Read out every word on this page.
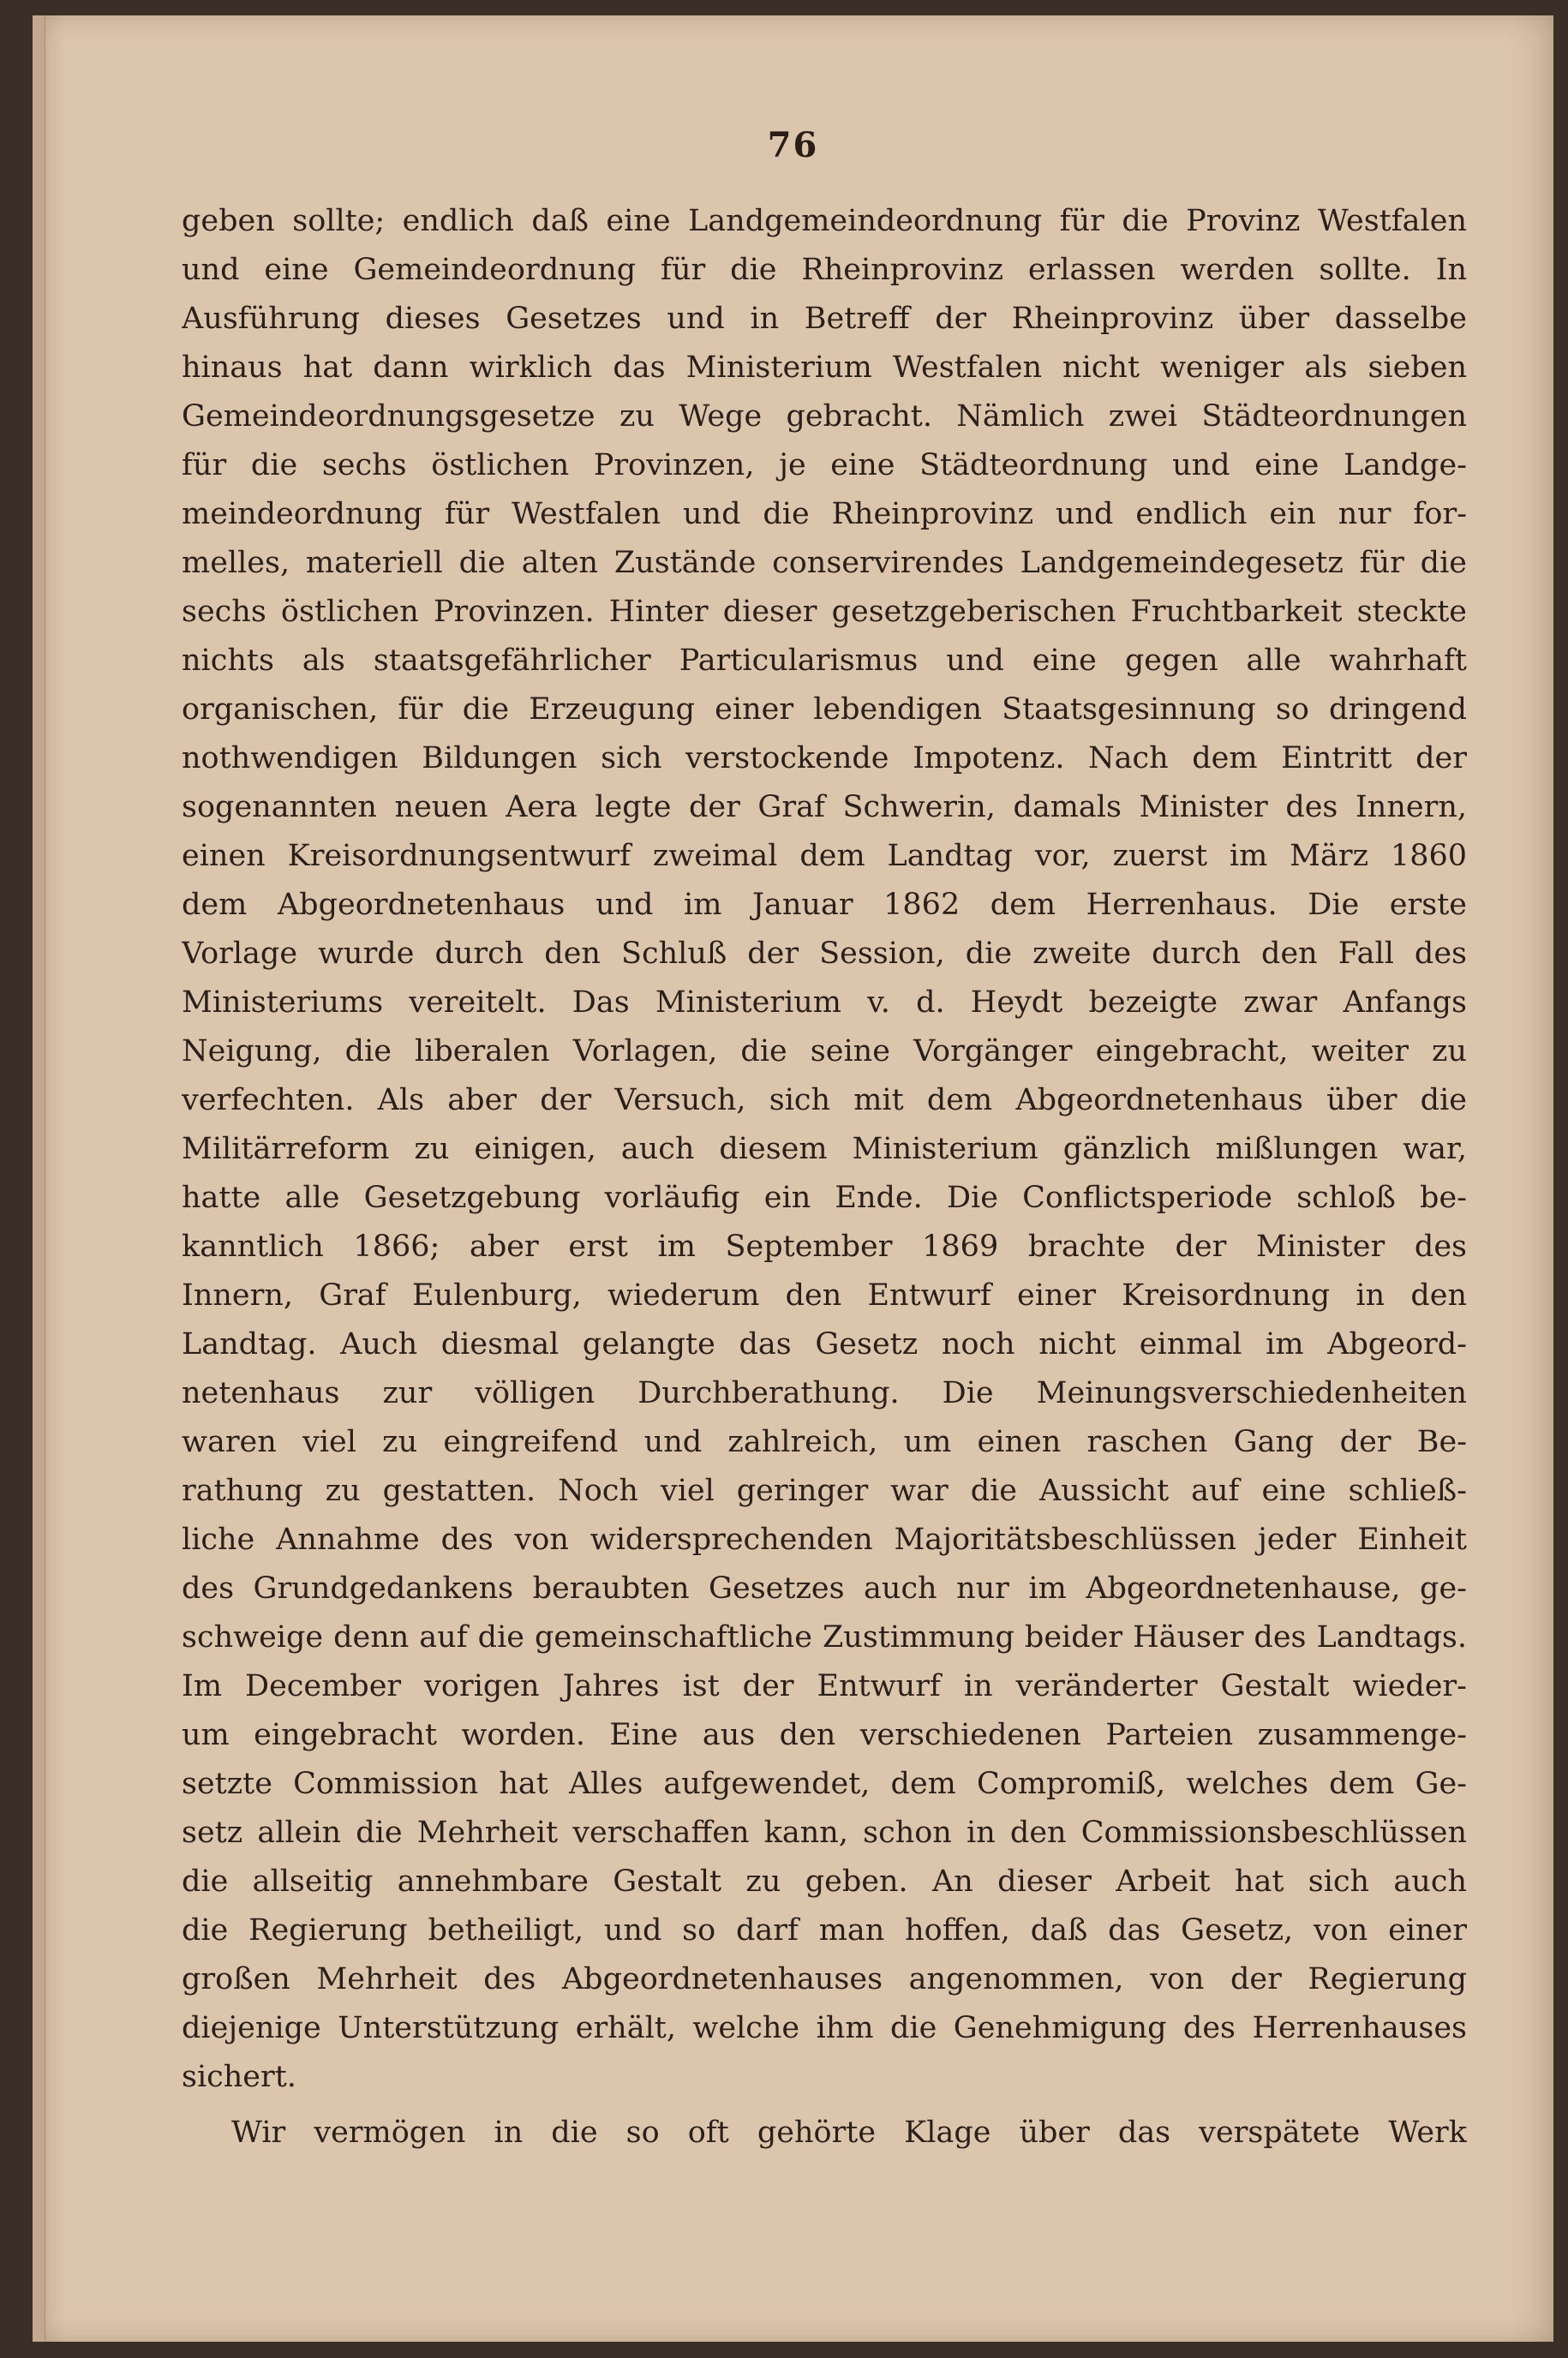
76
geben sollte; endlich daß eine Landgemeindeordnung für die Provinz Westfalen
und eine Gemeindeordnung für die Rheinprovinz erlassen werden sollte. In
Ausführung dieses Gesetzes und in Betreff der Rheinprovinz über dasselbe
hinaus hat dann wirklich das Ministerium Westfalen nicht weniger als sieben
Gemeindeordnungsgesetze zu Wege gebracht. Nämlich zwei Städteordnungen
für die sechs östlichen Provinzen, je eine Städteordnung und eine Landge-
meindeordnung für Westfalen und die Rheinprovinz und endlich ein nur for-
melles, materiell die alten Zustände conservirendes Landgemeindegesetz für die
sechs östlichen Provinzen. Hinter dieser gesetzgeberischen Fruchtbarkeit steckte
nichts als staatsgefährlicher Particularismus und eine gegen alle wahrhaft
organischen, für die Erzeugung einer lebendigen Staatsgesinnung so dringend
nothwendigen Bildungen sich verstockende Impotenz. Nach dem Eintritt der
sogenannten neuen Aera legte der Graf Schwerin, damals Minister des Innern,
einen Kreisordnungsentwurf zweimal dem Landtag vor, zuerst im März 1860
dem Abgeordnetenhaus und im Januar 1862 dem Herrenhaus. Die erste
Vorlage wurde durch den Schluß der Session, die zweite durch den Fall des
Ministeriums vereitelt. Das Ministerium v. d. Heydt bezeigte zwar Anfangs
Neigung, die liberalen Vorlagen, die seine Vorgänger eingebracht, weiter zu
verfechten. Als aber der Versuch, sich mit dem Abgeordnetenhaus über die
Militärreform zu einigen, auch diesem Ministerium gänzlich mißlungen war,
hatte alle Gesetzgebung vorläufig ein Ende. Die Conflictsperiode schloß be-
kanntlich 1866; aber erst im September 1869 brachte der Minister des
Innern, Graf Eulenburg, wiederum den Entwurf einer Kreisordnung in den
Landtag. Auch diesmal gelangte das Gesetz noch nicht einmal im Abgeord-
netenhaus zur völligen Durchberathung. Die Meinungsverschiedenheiten
waren viel zu eingreifend und zahlreich, um einen raschen Gang der Be-
rathung zu gestatten. Noch viel geringer war die Aussicht auf eine schließ-
liche Annahme des von widersprechenden Majoritätsbeschlüssen jeder Einheit
des Grundgedankens beraubten Gesetzes auch nur im Abgeordnetenhause, ge-
schweige denn auf die gemeinschaftliche Zustimmung beider Häuser des Landtags.
Im December vorigen Jahres ist der Entwurf in veränderter Gestalt wieder-
um eingebracht worden. Eine aus den verschiedenen Parteien zusammenge-
setzte Commission hat Alles aufgewendet, dem Compromiß, welches dem Ge-
setz allein die Mehrheit verschaffen kann, schon in den Commissionsbeschlüssen
die allseitig annehmbare Gestalt zu geben. An dieser Arbeit hat sich auch
die Regierung betheiligt, und so darf man hoffen, daß das Gesetz, von einer
großen Mehrheit des Abgeordnetenhauses angenommen, von der Regierung
diejenige Unterstützung erhält, welche ihm die Genehmigung des Herrenhauses
sichert.
Wir vermögen in die so oft gehörte Klage über das verspätete Werk
